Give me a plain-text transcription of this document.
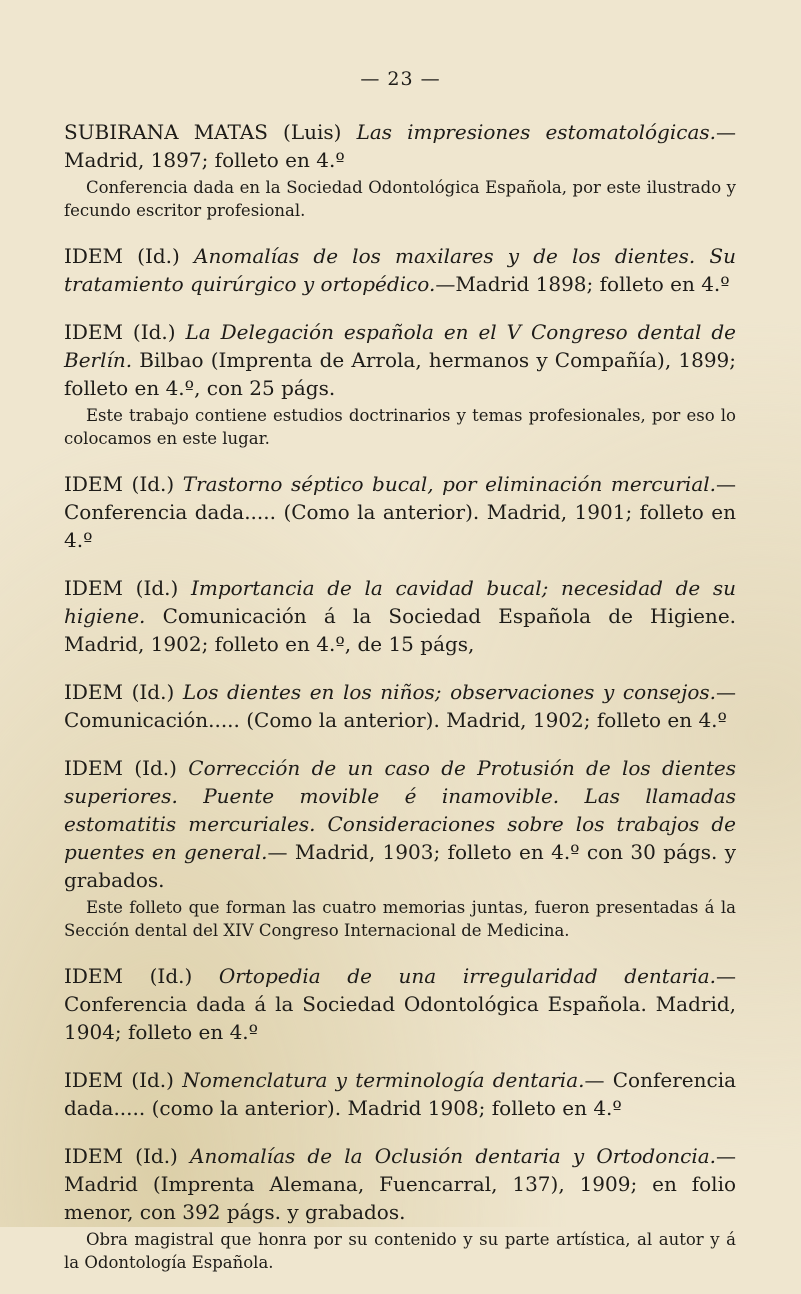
— 23 —

SUBIRANA MATAS (Luis) Las impresiones estomatológicas.—Madrid, 1897; folleto en 4.º

Conferencia dada en la Sociedad Odontológica Española, por este ilustrado y fecundo escritor profesional.

IDEM (Id.) Anomalías de los maxilares y de los dientes. Su tratamiento quirúrgico y ortopédico.—Madrid 1898; folleto en 4.º

IDEM (Id.) La Delegación española en el V Congreso dental de Berlín. Bilbao (Imprenta de Arrola, hermanos y Compañía), 1899; folleto en 4.º, con 25 págs.

Este trabajo contiene estudios doctrinarios y temas profesionales, por eso lo colocamos en este lugar.

IDEM (Id.) Trastorno séptico bucal, por eliminación mercurial.—Conferencia dada..... (Como la anterior). Madrid, 1901; folleto en 4.º

IDEM (Id.) Importancia de la cavidad bucal; necesidad de su higiene. Comunicación á la Sociedad Española de Higiene. Madrid, 1902; folleto en 4.º, de 15 págs,

IDEM (Id.) Los dientes en los niños; observaciones y consejos.—Comunicación..... (Como la anterior). Madrid, 1902; folleto en 4.º

IDEM (Id.) Corrección de un caso de Protusión de los dientes superiores. Puente movible é inamovible. Las llamadas estomatitis mercuriales. Consideraciones sobre los trabajos de puentes en general.— Madrid, 1903; folleto en 4.º con 30 págs. y grabados.

Este folleto que forman las cuatro memorias juntas, fueron presentadas á la Sección dental del XIV Congreso Internacional de Medicina.

IDEM (Id.) Ortopedia de una irregularidad dentaria.— Conferencia dada á la Sociedad Odontológica Española. Madrid, 1904; folleto en 4.º

IDEM (Id.) Nomenclatura y terminología dentaria.— Conferencia dada..... (como la anterior). Madrid 1908; folleto en 4.º

IDEM (Id.) Anomalías de la Oclusión dentaria y Ortodoncia.—Madrid (Imprenta Alemana, Fuencarral, 137), 1909; en folio menor, con 392 págs. y grabados.

Obra magistral que honra por su contenido y su parte artística, al autor y á la Odontología Española.
